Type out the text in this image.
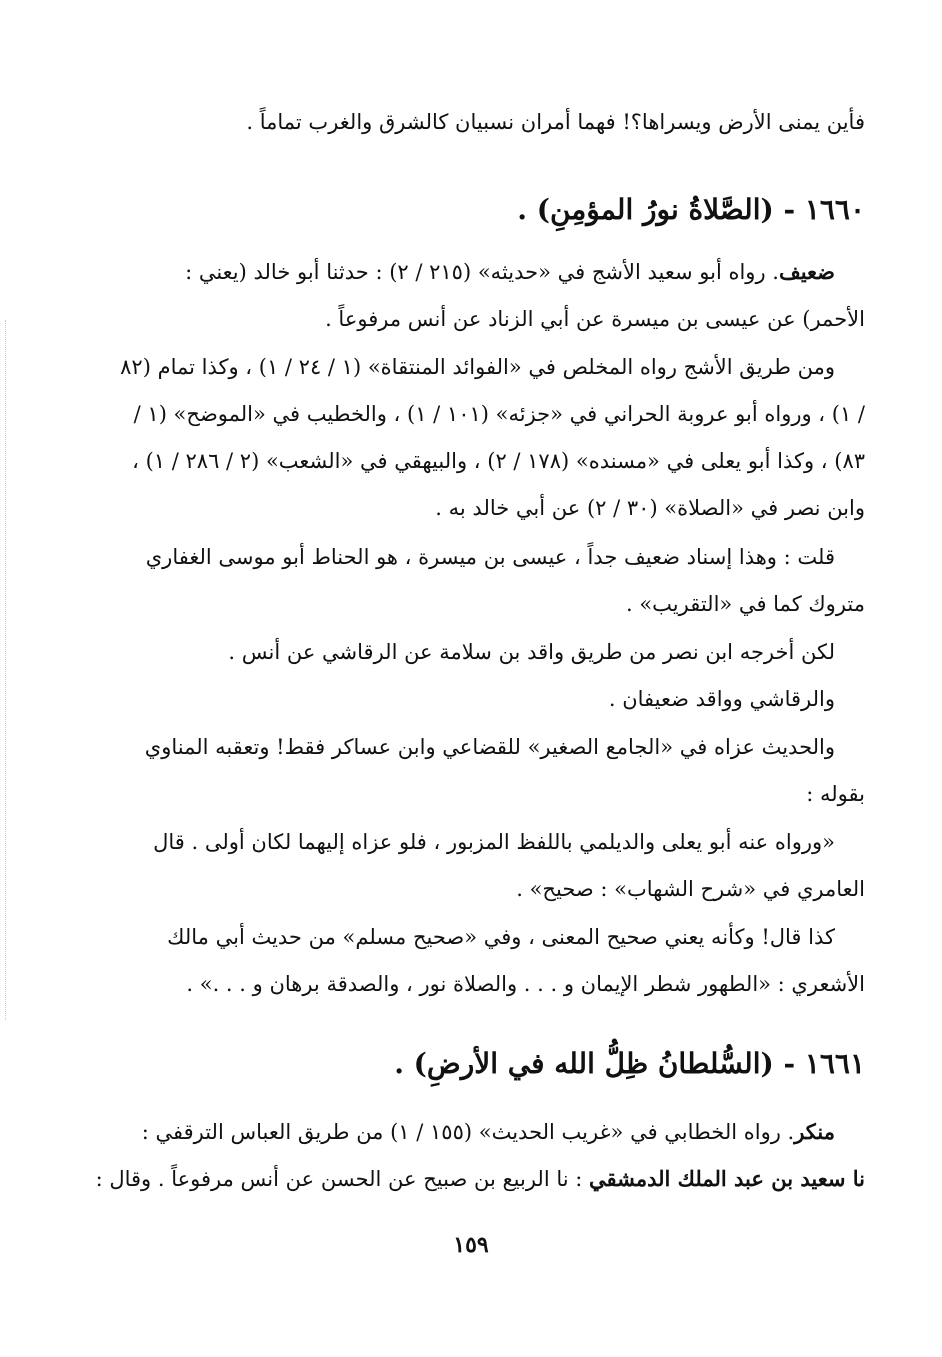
فأين يمنى الأرض ويسراها؟! فهما أمران نسبيان كالشرق والغرب تماماً .
١٦٦٠ - (الصَّلاةُ نورُ المؤمِنِ) .
ضعيف. رواه أبو سعيد الأشج في «حديثه» (٢١٥ / ٢) : حدثنا أبو خالد (يعني :
الأحمر) عن عيسى بن ميسرة عن أبي الزناد عن أنس مرفوعاً .
ومن طريق الأشج رواه المخلص في «الفوائد المنتقاة» (١ / ٢٤ / ١) ، وكذا تمام (٨٢
/ ١) ، ورواه أبو عروبة الحراني في «جزئه» (١٠١ / ١) ، والخطيب في «الموضح» (١ /
٨٣) ، وكذا أبو يعلى في «مسنده» (١٧٨ / ٢) ، والبيهقي في «الشعب» (٢ / ٢٨٦ / ١) ،
وابن نصر في «الصلاة» (٣٠ / ٢) عن أبي خالد به .
قلت : وهذا إسناد ضعيف جداً ، عيسى بن ميسرة ، هو الحناط أبو موسى الغفاري
متروك كما في «التقريب» .
لكن أخرجه ابن نصر من طريق واقد بن سلامة عن الرقاشي عن أنس .
والرقاشي وواقد ضعيفان .
والحديث عزاه في «الجامع الصغير» للقضاعي وابن عساكر فقط! وتعقبه المناوي
بقوله :
«ورواه عنه أبو يعلى والديلمي باللفظ المزبور ، فلو عزاه إليهما لكان أولى . قال
العامري في «شرح الشهاب» : صحيح» .
كذا قال! وكأنه يعني صحيح المعنى ، وفي «صحيح مسلم» من حديث أبي مالك
الأشعري : «الطهور شطر الإيمان و . . . والصلاة نور ، والصدقة برهان و . . .» .
١٦٦١ - (السُّلطانُ ظِلُّ الله في الأرضِ) .
منكر. رواه الخطابي في «غريب الحديث» (١٥٥ / ١) من طريق العباس الترقفي :
نا سعيد بن عبد الملك الدمشقي : نا الربيع بن صبيح عن الحسن عن أنس مرفوعاً . وقال :
١٥٩
